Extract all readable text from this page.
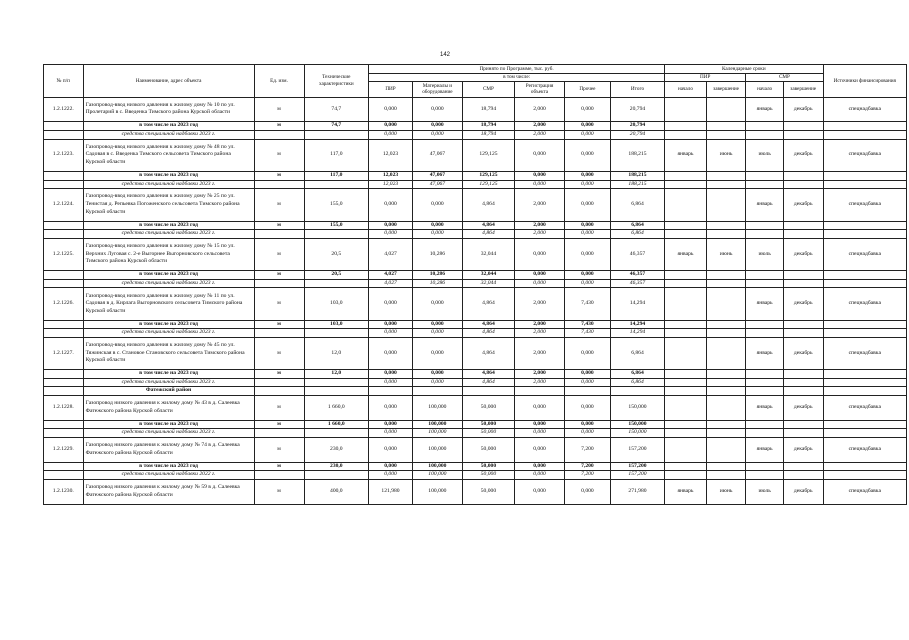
142
№ п/п	Наименование, адрес объекта	Ед. изм.	Технические характеристики	Принято по Программе, тыс. руб.						Календарные сроки				Источники финансирования
				в том числе:						ПИР		СМР		
				ПИР	Материалы и оборудование	СМР	Регистрация объекта	Прочее	Итого	начало	завершение	начало	завершение	
1.2.1222.	Газопровод-ввод низкого давления к жилому дому № 10 по ул. Пролетарий в с. Введенка Тимского района Курской области	м	74,7	0,000	0,000	18,794	2,000	0,000	20,794			январь	декабрь	спецнадбавка
	в том числе на 2023 год	м	74,7	0,000	0,000	18,794	2,000	0,000	20,794					
	средства специальной надбавки 2023 г.			0,000	0,000	18,794	2,000	0,000	20,794					
1.2.1223.	Газопровод-ввод низкого давления к жилому дому № 48 по ул. Садовая в с. Введенка Тимского сельсовета Тимского района Курской области	м	117,0	12,023	47,067	129,125	0,000	0,000	188,215	январь	июнь	июль	декабрь	спецнадбавка
	в том числе на 2023 год	м	117,0	12,023	47,067	129,125	0,000	0,000	188,215					
	средства специальной надбавки 2023 г.			12,023	47,067	129,125	0,000	0,000	188,215					
1.2.1224.	Газопровод-ввод низкого давления к жилому дому № 25 по ул. Тенистая д. Репьевка Погоженского сельсовета Тимского района Курской области	м	155,0	0,000	0,000	4,864	2,000	0,000	6,864			январь	декабрь	спецнадбавка
	в том числе на 2023 год	м	155,0	0,000	0,000	4,864	2,000	0,000	6,864					
	средства специальной надбавки 2023 г.			0,000	0,000	4,864	2,000	0,000	6,864					
1.2.1225.	Газопровод-ввод низкого давления к жилому дому № 15 по ул. Верхних Луговая с. 2-е Выгорнее Выгорновского сельсовета Тимского района Курской области	м	20,5	4,027	10,286	32,044	0,000	0,000	46,357	январь	июнь	июль	декабрь	спецнадбавка
	в том числе на 2023 год	м	20,5	4,027	10,286	32,044	0,000	0,000	46,357					
	средства специальной надбавки 2023 г.			4,027	10,286	32,044	0,000	0,000	46,357					
1.2.1226.	Газопровод-ввод низкого давления к жилому дому № 11 по ул. Садовая в д. Кирлага Выгорновского сельсовета Тимского района Курской области	м	103,0	0,000	0,000	4,864	2,000	7,430	14,294			январь	декабрь	спецнадбавка
	в том числе на 2023 год	м	103,0	0,000	0,000	4,864	2,000	7,430	14,294					
	средства специальной надбавки 2023 г.			0,000	0,000	4,864	2,000	7,430	14,294					
1.2.1227.	Газопровод-ввод низкого давления к жилому дому № 45 по ул. Тяжинская в с. Становое Становского сельсовета Тимского района Курской области	м	12,0	0,000	0,000	4,864	2,000	0,000	6,864			январь	декабрь	спецнадбавка
	в том числе на 2023 год	м	12,0	0,000	0,000	4,864	2,000	0,000	6,864					
	средства специальной надбавки 2023 г.			0,000	0,000	4,864	2,000	0,000	6,864					
	Фатежский район													
1.2.1228.	Газопровод низкого давления к жилому дому № 43 в д. Салеевка Фатежского района Курской области	м	1 660,0	0,000	100,000	50,000	0,000	0,000	150,000			январь	декабрь	спецнадбавка
	в том числе на 2023 год	м	1 660,0	0,000	100,000	50,000	0,000	0,000	150,000					
	средства специальной надбавки 2023 г.			0,000	100,000	50,000	0,000	0,000	150,000					
1.2.1229.	Газопровод низкого давления к жилому дому № 74 в д. Салеевка Фатежского района Курской области	м	230,0	0,000	100,000	50,000	0,000	7,200	157,200			январь	декабрь	спецнадбавка
	в том числе на 2023 год	м	230,0	0,000	100,000	50,000	0,000	7,200	157,200					
	средства специальной надбавки 2022 г.			0,000	100,000	50,000	0,000	7,200	157,200					
1.2.1230.	Газопровод низкого давления к жилому дому № 59 в д. Салеевка Фатежского района Курской области	м	400,0	121,980	100,000	50,000	0,000	0,000	271,980	январь	июнь	июль	декабрь	спецнадбавка
